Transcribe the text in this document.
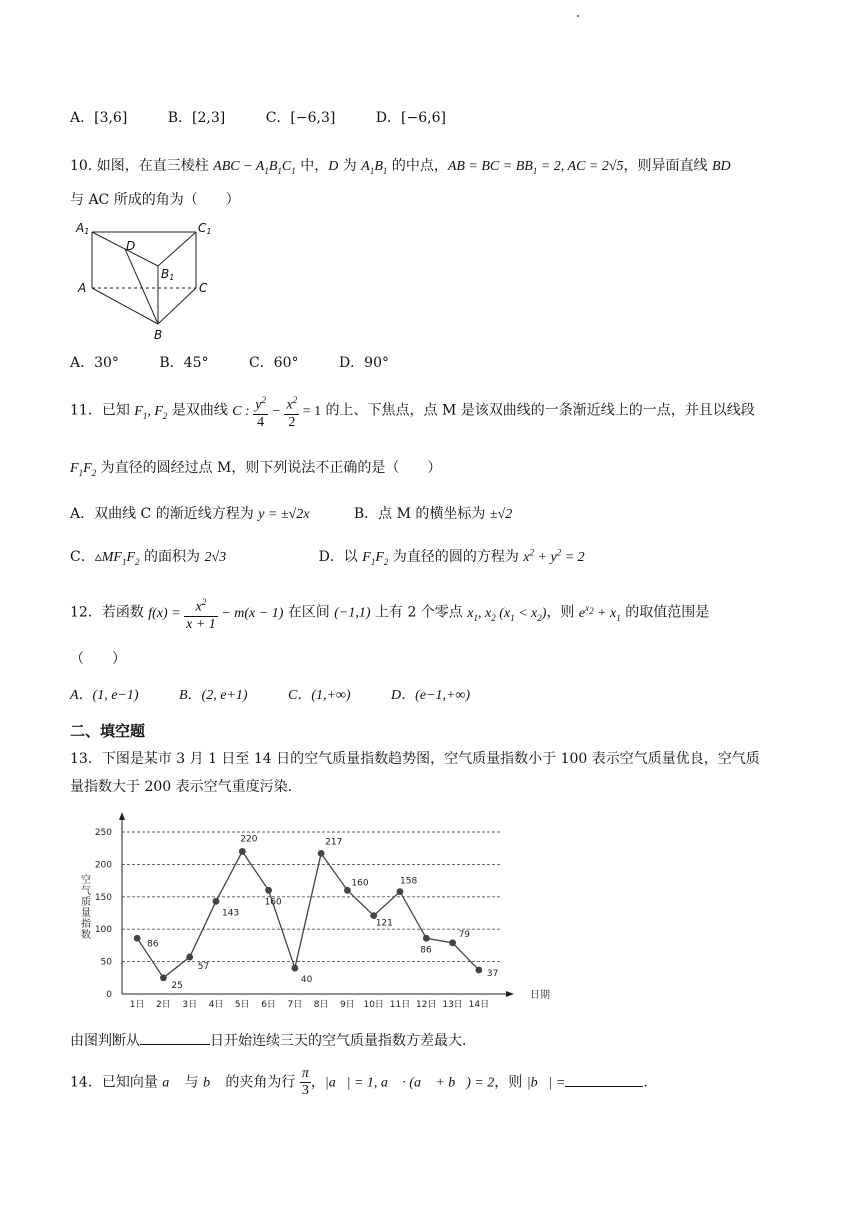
A．[3,6]	B．[2,3]	C．[−6,3]	D．[−6,6]
10. 如图，在直三棱柱 ABC − $A_1B_1C_1$ 中，D 为 $A_1B_1$ 的中点，AB = BC = $BB_1 = 2$, AC = 2√5，则异面直线 BD
与 AC 所成的角为（　　）
A1	C1
D
B1
A	C
B
A．30°	B．45°	C．60°	D．90°
11．已知 $F_1$, $F_2$ 是双曲线 C : $\frac{y^2}{4} - \frac{x^2}{2} = 1$ 的上、下焦点，点 M 是该双曲线的一条渐近线上的一点，并且以线段
$F_1F_2$ 为直径的圆经过点 M，则下列说法不正确的是（　　）
A．双曲线 C 的渐近线方程为 y = ±√2x	B．点 M 的横坐标为 ±√2
C．$▵MF_1F_2$ 的面积为 2√3	D．以 $F_1F_2$ 为直径的圆的方程为 $x^2 + y^2 = 2$
12．若函数 $f(x) = \frac{x^2}{x + 1} - m(x - 1)$ 在区间 (−1,1) 上有 2 个零点 $x_1$, $x_2$ $(x_1 < x_2)$，则 $e^{x_2} + x_1$ 的取值范围是
（　　）
A．(1, e−1)	B．(2, e+1)	C．(1,+∞)	D．(e−1,+∞)
二、填空题
13．下图是某市 3 月 1 日至 14 日的空气质量指数趋势图，空气质量指数小于 100 表示空气质量优良，空气质
量指数大于 200 表示空气重度污染.
0
50
100
150
200
250
空气质量指数
日期
1日 2日 3日 4日 5日 6日 7日 8日 9日 10日 11日 12日 13日 14日
86
25
57
143
220
160
40
217
160
121
158
86
79
37
由图判断从	日开始连续三天的空气质量指数方差最大.
14．已知向量 a⃗ 与 b⃗ 的夹角为行 $\frac{\pi}{3}$ ，|a⃗| = 1, a⃗ · (a⃗ + b⃗) = 2，则 |b⃗| =	.
